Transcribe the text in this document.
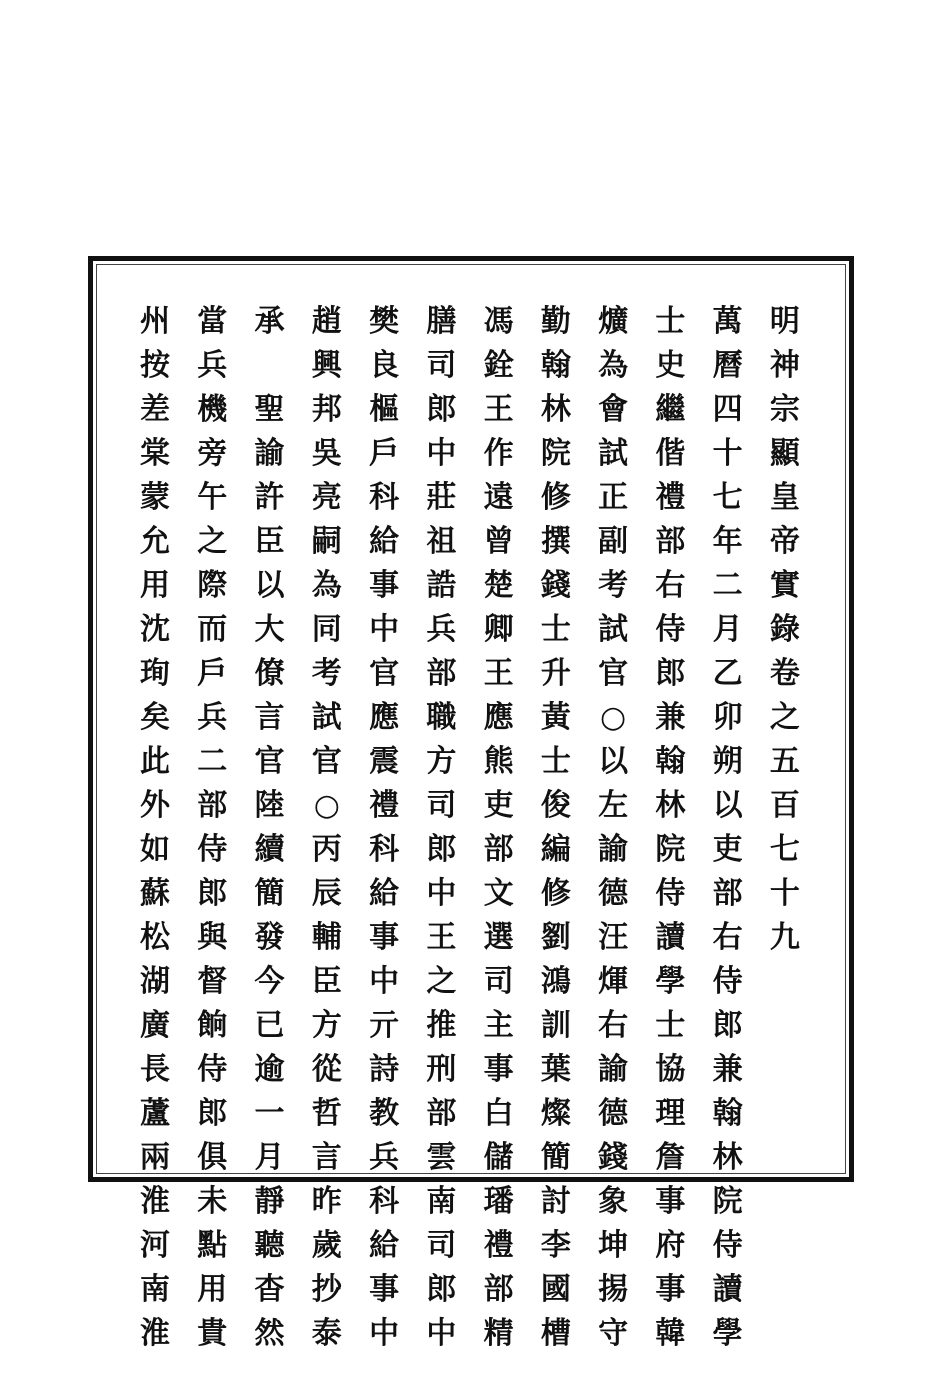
明
神
宗
顯
皇
帝
實
錄
卷
之
五
百
七
十
九
萬
曆
四
十
七
年
二
月
乙
卯
朔
以
吏
部
右
侍
郎
兼
翰
林
院
侍
讀
學
士
史
繼
偕
禮
部
右
侍
郎
兼
翰
林
院
侍
讀
學
士
協
理
詹
事
府
事
韓
爌
為
會
試
正
副
考
試
官
○
以
左
諭
德
汪
煇
右
諭
德
錢
象
坤
掦
守
勤
翰
林
院
修
撰
錢
士
升
黃
士
俊
編
修
劉
鴻
訓
葉
燦
簡
討
李
國
槽
馮
銓
王
作
遠
曾
楚
卿
王
應
熊
吏
部
文
選
司
主
事
白
儲
璠
禮
部
精
膳
司
郎
中
莊
祖
誥
兵
部
職
方
司
郎
中
王
之
推
刑
部
雲
南
司
郎
中
樊
良
樞
戶
科
給
事
中
官
應
震
禮
科
給
事
中
亓
詩
教
兵
科
給
事
中
趙
興
邦
吳
亮
嗣
為
同
考
試
官
○
丙
辰
輔
臣
方
從
哲
言
昨
歲
抄
泰
承

聖
諭
許
臣
以
大
僚
言
官
陸
續
簡
發
今
已
逾
一
月
靜
聽
杳
然
當
兵
機
旁
午
之
際
而
戶
兵
二
部
侍
郎
與
督
餉
侍
郎
俱
未
點
用
貴
州
按
差
棠
蒙
允
用
沈
珣
矣
此
外
如
蘇
松
湖
廣
長
蘆
兩
淮
河
南
淮
